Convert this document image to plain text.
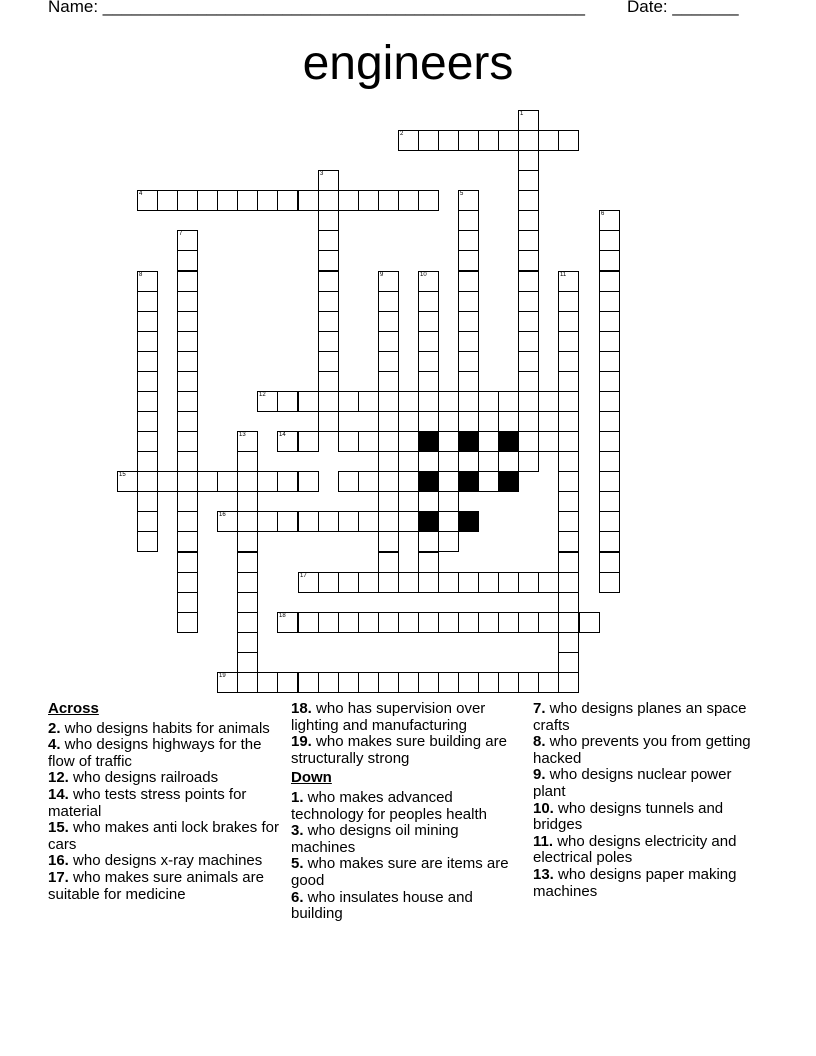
Name: ___________________________________________________ Date: _______
engineers
1
2
4
3
5
6
7
8	9	10	11
12
14
13
16
17
18
19
15
Across
2. who designs habits for animals
4. who designs highways for the flow of traffic
12. who designs railroads
14. who tests stress points for material
15. who makes anti lock brakes for cars
16. who designs x-ray machines
17. who makes sure animals are suitable for medicine
18. who has supervision over lighting and manufacturing
19. who makes sure building are structurally strong
Down
1. who makes advanced technology for peoples health
3. who designs oil mining machines
5. who makes sure are items are good
6. who insulates house and building
7. who designs planes an space crafts
8. who prevents you from getting hacked
9. who designs nuclear power plant
10. who designs tunnels and bridges
11. who designs electricity and electrical poles
13. who designs paper making machines
